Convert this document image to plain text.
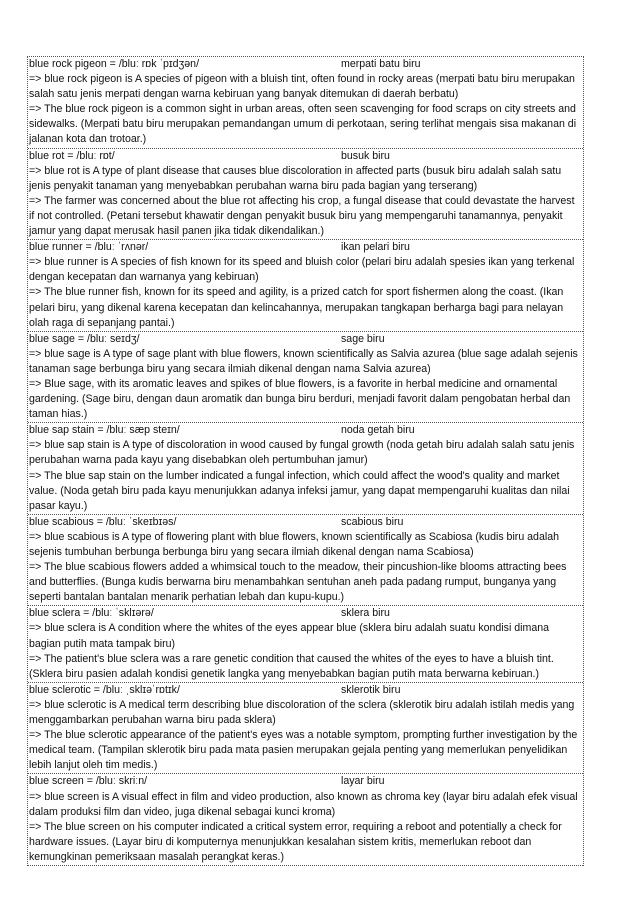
blue rock pigeon = /bluː rɒk ˈpɪdʒən/	merpati batu biru
=> blue rock pigeon is A species of pigeon with a bluish tint, often found in rocky areas (merpati batu biru merupakan salah satu jenis merpati dengan warna kebiruan yang banyak ditemukan di daerah berbatu)
=> The blue rock pigeon is a common sight in urban areas, often seen scavenging for food scraps on city streets and sidewalks. (Merpati batu biru merupakan pemandangan umum di perkotaan, sering terlihat mengais sisa makanan di jalanan kota dan trotoar.)
blue rot = /bluː rɒt/	busuk biru
=> blue rot is A type of plant disease that causes blue discoloration in affected parts (busuk biru adalah salah satu jenis penyakit tanaman yang menyebabkan perubahan warna biru pada bagian yang terserang)
=> The farmer was concerned about the blue rot affecting his crop, a fungal disease that could devastate the harvest if not controlled. (Petani tersebut khawatir dengan penyakit busuk biru yang mempengaruhi tanamannya, penyakit jamur yang dapat merusak hasil panen jika tidak dikendalikan.)
blue runner = /bluː ˈrʌnər/	ikan pelari biru
=> blue runner is A species of fish known for its speed and bluish color (pelari biru adalah spesies ikan yang terkenal dengan kecepatan dan warnanya yang kebiruan)
=> The blue runner fish, known for its speed and agility, is a prized catch for sport fishermen along the coast. (Ikan pelari biru, yang dikenal karena kecepatan dan kelincahannya, merupakan tangkapan berharga bagi para nelayan olah raga di sepanjang pantai.)
blue sage = /bluː seɪdʒ/	sage biru
=> blue sage is A type of sage plant with blue flowers, known scientifically as Salvia azurea (blue sage adalah sejenis tanaman sage berbunga biru yang secara ilmiah dikenal dengan nama Salvia azurea)
=> Blue sage, with its aromatic leaves and spikes of blue flowers, is a favorite in herbal medicine and ornamental gardening. (Sage biru, dengan daun aromatik dan bunga biru berduri, menjadi favorit dalam pengobatan herbal dan taman hias.)
blue sap stain = /bluː sæp steɪn/	noda getah biru
=> blue sap stain is A type of discoloration in wood caused by fungal growth (noda getah biru adalah salah satu jenis perubahan warna pada kayu yang disebabkan oleh pertumbuhan jamur)
=> The blue sap stain on the lumber indicated a fungal infection, which could affect the wood's quality and market value. (Noda getah biru pada kayu menunjukkan adanya infeksi jamur, yang dapat mempengaruhi kualitas dan nilai pasar kayu.)
blue scabious = /bluː ˈskeɪbɪəs/	scabious biru
=> blue scabious is A type of flowering plant with blue flowers, known scientifically as Scabiosa (kudis biru adalah sejenis tumbuhan berbunga berbunga biru yang secara ilmiah dikenal dengan nama Scabiosa)
=> The blue scabious flowers added a whimsical touch to the meadow, their pincushion-like blooms attracting bees and butterflies. (Bunga kudis berwarna biru menambahkan sentuhan aneh pada padang rumput, bunganya yang seperti bantalan bantalan menarik perhatian lebah dan kupu-kupu.)
blue sclera = /bluː ˈsklɪərə/	sklera biru
=> blue sclera is A condition where the whites of the eyes appear blue (sklera biru adalah suatu kondisi dimana bagian putih mata tampak biru)
=> The patient's blue sclera was a rare genetic condition that caused the whites of the eyes to have a bluish tint. (Sklera biru pasien adalah kondisi genetik langka yang menyebabkan bagian putih mata berwarna kebiruan.)
blue sclerotic = /bluː ˌsklɪəˈrɒtɪk/	sklerotik biru
=> blue sclerotic is A medical term describing blue discoloration of the sclera (sklerotik biru adalah istilah medis yang menggambarkan perubahan warna biru pada sklera)
=> The blue sclerotic appearance of the patient's eyes was a notable symptom, prompting further investigation by the medical team. (Tampilan sklerotik biru pada mata pasien merupakan gejala penting yang memerlukan penyelidikan lebih lanjut oleh tim medis.)
blue screen = /bluː skriːn/	layar biru
=> blue screen is A visual effect in film and video production, also known as chroma key (layar biru adalah efek visual dalam produksi film dan video, juga dikenal sebagai kunci kroma)
=> The blue screen on his computer indicated a critical system error, requiring a reboot and potentially a check for hardware issues. (Layar biru di komputernya menunjukkan kesalahan sistem kritis, memerlukan reboot dan kemungkinan pemeriksaan masalah perangkat keras.)
